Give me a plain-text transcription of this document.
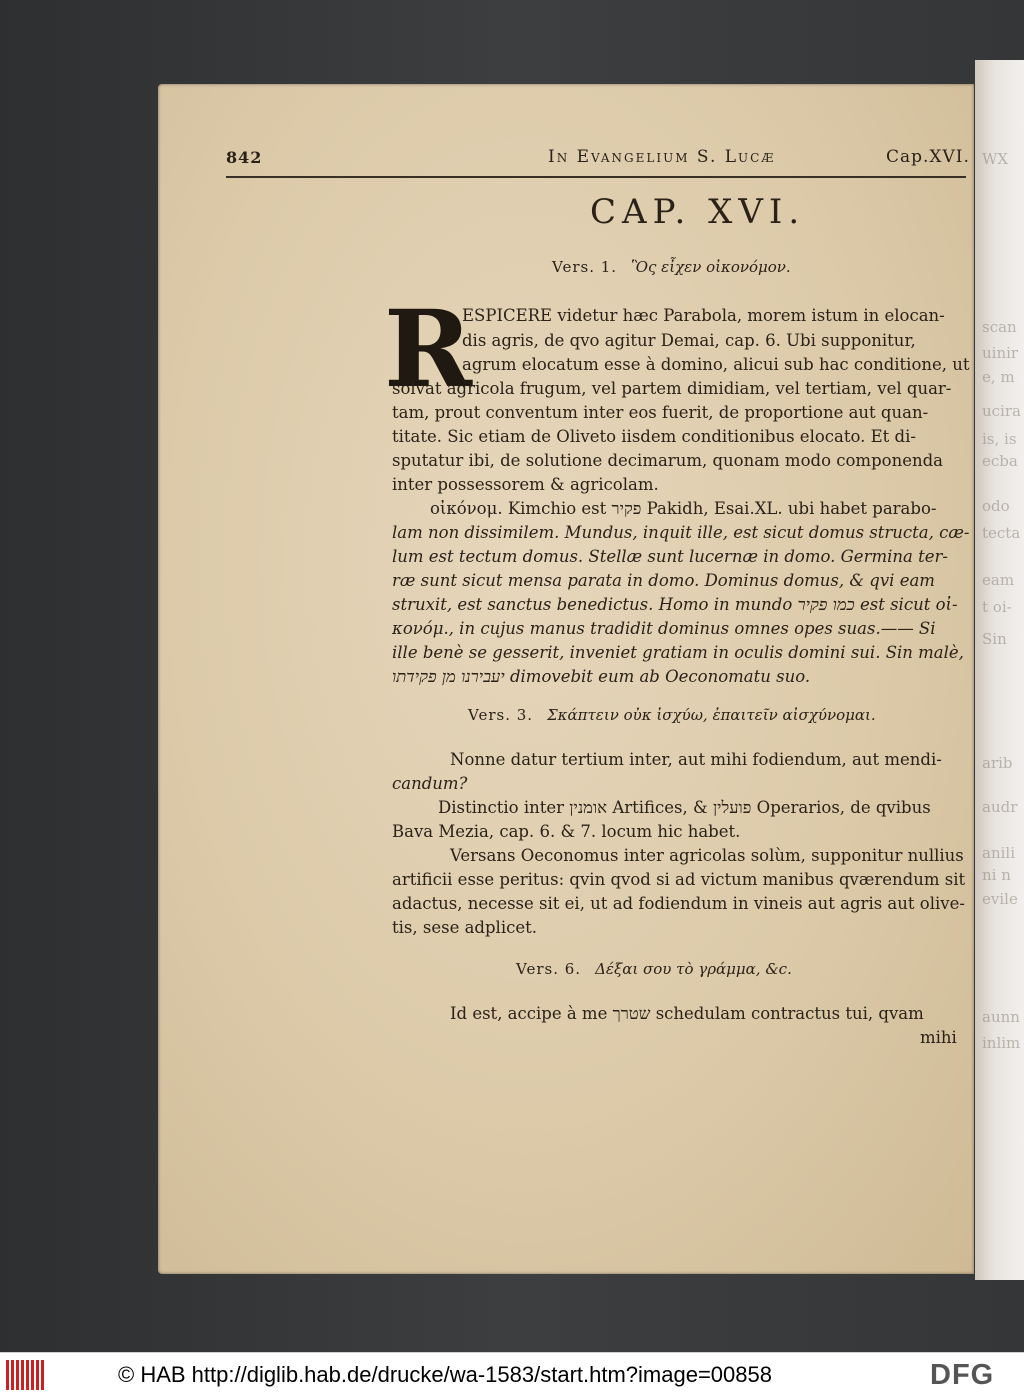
WX
scan
uinir
e, m
ucira
is, is
ecba
odo
tecta
eam
t oi-
Sin
arib
audr
anili
ni n
evile
aunn
inlim
842	In Evangelium S. Lucæ	Cap.XVI.
CAP. XVI.
Vers. 1. Ὃς εἶχεν οἰκονόμον.
R
ESPICERE videtur hæc Parabola, morem istum in elocan-
dis agris, de qvo agitur Demai, cap. 6. Ubi supponitur,
agrum elocatum esse à domino, alicui sub hac conditione, ut
solvat agricola frugum, vel partem dimidiam, vel tertiam, vel quar-
tam, prout conventum inter eos fuerit, de proportione aut quan-
titate. Sic etiam de Oliveto iisdem conditionibus elocato. Et di-
sputatur ibi, de solutione decimarum, quonam modo componenda
inter possessorem & agricolam.
οἰκόνομ. Kimchio est פקיר Pakidh, Esai.XL. ubi habet parabo-
lam non dissimilem. Mundus, inquit ille, est sicut domus structa, cæ-
lum est tectum domus. Stellæ sunt lucernæ in domo. Germina ter-
ræ sunt sicut mensa parata in domo. Dominus domus, & qvi eam
struxit, est sanctus benedictus. Homo in mundo כמו פקיר est sicut οἰ-
κονόμ., in cujus manus tradidit dominus omnes opes suas.—— Si
ille benè se gesserit, inveniet gratiam in oculis domini sui. Sin malè,
יעבירנו מן פקידתו dimovebit eum ab Oeconomatu suo.
Vers. 3. Σκάπτειν οὐκ ἰσχύω, ἐπαιτεῖν αἰσχύνομαι.
Nonne datur tertium inter, aut mihi fodiendum, aut mendi-
candum?
Distinctio inter אומנין Artifices, & פועלין Operarios, de qvibus
Bava Mezia, cap. 6. & 7. locum hic habet.
Versans Oeconomus inter agricolas solùm, supponitur nullius
artificii esse peritus: qvin qvod si ad victum manibus qværendum sit
adactus, necesse sit ei, ut ad fodiendum in vineis aut agris aut olive-
tis, sese adplicet.
Vers. 6. Δέξαι σου τὸ γράμμα, &c.
Id est, accipe à me שטרך schedulam contractus tui, qvam
mihi
© HAB http://diglib.hab.de/drucke/wa-1583/start.htm?image=00858	DFG
